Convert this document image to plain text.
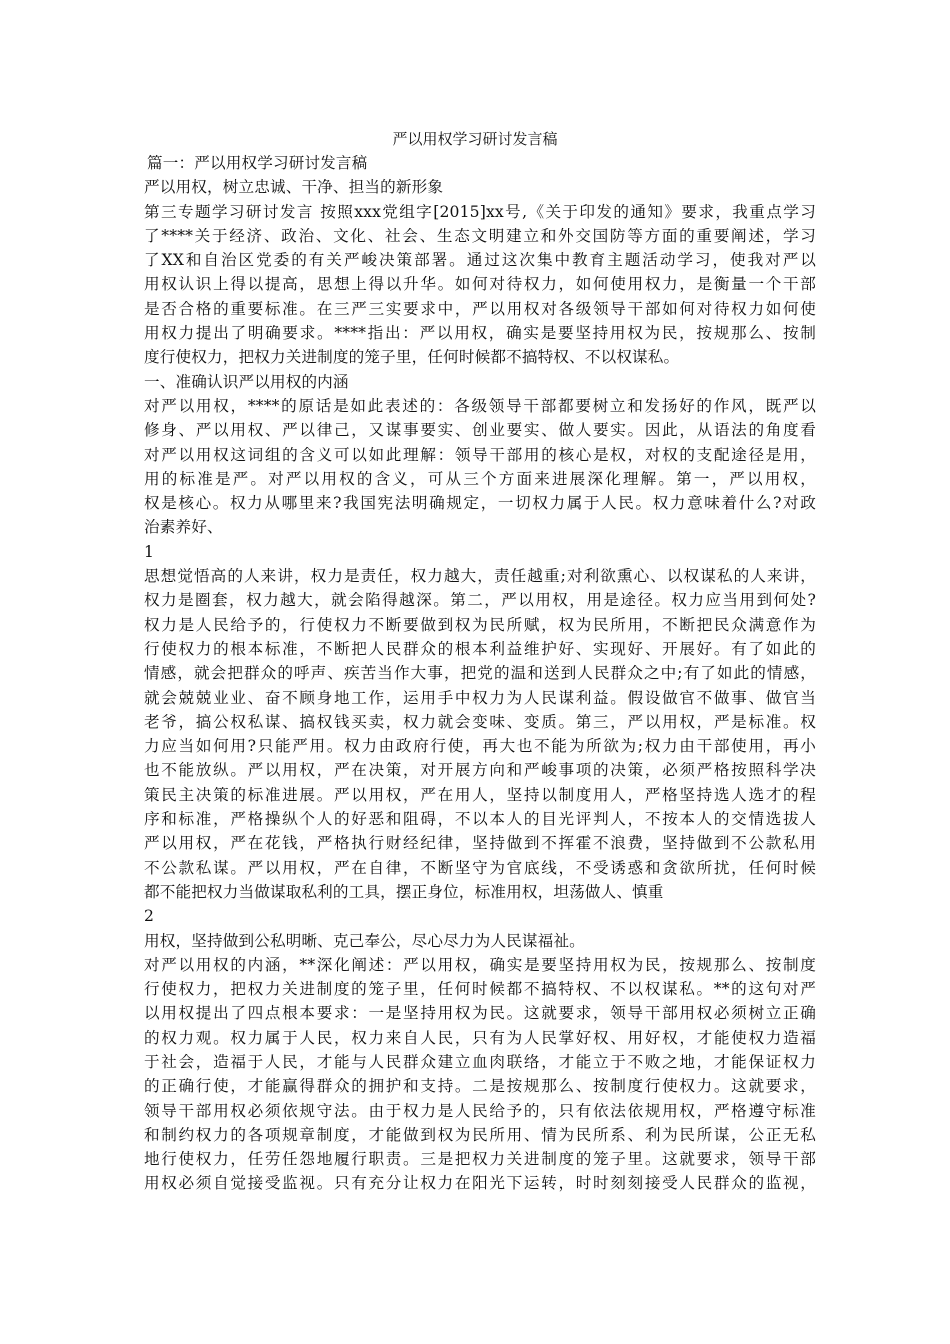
严以用权学习研讨发言稿
篇一：严以用权学习研讨发言稿
严以用权，树立忠诚、干净、担当的新形象
第三专题学习研讨发言 按照xxx党组字[2015]xx号,《关于印发的通知》要求，我重点学习
了****关于经济、政治、文化、社会、生态文明建立和外交国防等方面的重要阐述，学习
了XX和自治区党委的有关严峻决策部署。通过这次集中教育主题活动学习，使我对严以
用权认识上得以提高，思想上得以升华。如何对待权力，如何使用权力，是衡量一个干部
是否合格的重要标准。在三严三实要求中，严以用权对各级领导干部如何对待权力如何使
用权力提出了明确要求。****指出：严以用权，确实是要坚持用权为民，按规那么、按制
度行使权力，把权力关进制度的笼子里，任何时候都不搞特权、不以权谋私。
一、准确认识严以用权的内涵
对严以用权，****的原话是如此表述的：各级领导干部都要树立和发扬好的作风，既严以
修身、严以用权、严以律己，又谋事要实、创业要实、做人要实。因此，从语法的角度看
对严以用权这词组的含义可以如此理解：领导干部用的核心是权，对权的支配途径是用，
用的标准是严。对严以用权的含义，可从三个方面来进展深化理解。第一，严以用权，
权是核心。权力从哪里来?我国宪法明确规定，一切权力属于人民。权力意味着什么?对政
治素养好、
1
思想觉悟高的人来讲，权力是责任，权力越大，责任越重;对利欲熏心、以权谋私的人来讲，
权力是圈套，权力越大，就会陷得越深。第二，严以用权，用是途径。权力应当用到何处?
权力是人民给予的，行使权力不断要做到权为民所赋，权为民所用，不断把民众满意作为
行使权力的根本标准，不断把人民群众的根本利益维护好、实现好、开展好。有了如此的
情感，就会把群众的呼声、疾苦当作大事，把党的温和送到人民群众之中;有了如此的情感，
就会兢兢业业、奋不顾身地工作，运用手中权力为人民谋利益。假设做官不做事、做官当
老爷，搞公权私谋、搞权钱买卖，权力就会变味、变质。第三，严以用权，严是标准。权
力应当如何用?只能严用。权力由政府行使，再大也不能为所欲为;权力由干部使用，再小
也不能放纵。严以用权，严在决策，对开展方向和严峻事项的决策，必须严格按照科学决
策民主决策的标准进展。严以用权，严在用人，坚持以制度用人，严格坚持选人选才的程
序和标准，严格操纵个人的好恶和阻碍，不以本人的目光评判人，不按本人的交情选拔人
严以用权，严在花钱，严格执行财经纪律，坚持做到不挥霍不浪费，坚持做到不公款私用
不公款私谋。严以用权，严在自律，不断坚守为官底线，不受诱惑和贪欲所扰，任何时候
都不能把权力当做谋取私利的工具，摆正身位，标准用权，坦荡做人、慎重
2
用权，坚持做到公私明晰、克己奉公，尽心尽力为人民谋福祉。
对严以用权的内涵，**深化阐述：严以用权，确实是要坚持用权为民，按规那么、按制度
行使权力，把权力关进制度的笼子里，任何时候都不搞特权、不以权谋私。**的这句对严
以用权提出了四点根本要求：一是坚持用权为民。这就要求，领导干部用权必须树立正确
的权力观。权力属于人民，权力来自人民，只有为人民掌好权、用好权，才能使权力造福
于社会，造福于人民，才能与人民群众建立血肉联络，才能立于不败之地，才能保证权力
的正确行使，才能赢得群众的拥护和支持。二是按规那么、按制度行使权力。这就要求，
领导干部用权必须依规守法。由于权力是人民给予的，只有依法依规用权，严格遵守标准
和制约权力的各项规章制度，才能做到权为民所用、情为民所系、利为民所谋，公正无私
地行使权力，任劳任怨地履行职责。三是把权力关进制度的笼子里。这就要求，领导干部
用权必须自觉接受监视。只有充分让权力在阳光下运转，时时刻刻接受人民群众的监视，
